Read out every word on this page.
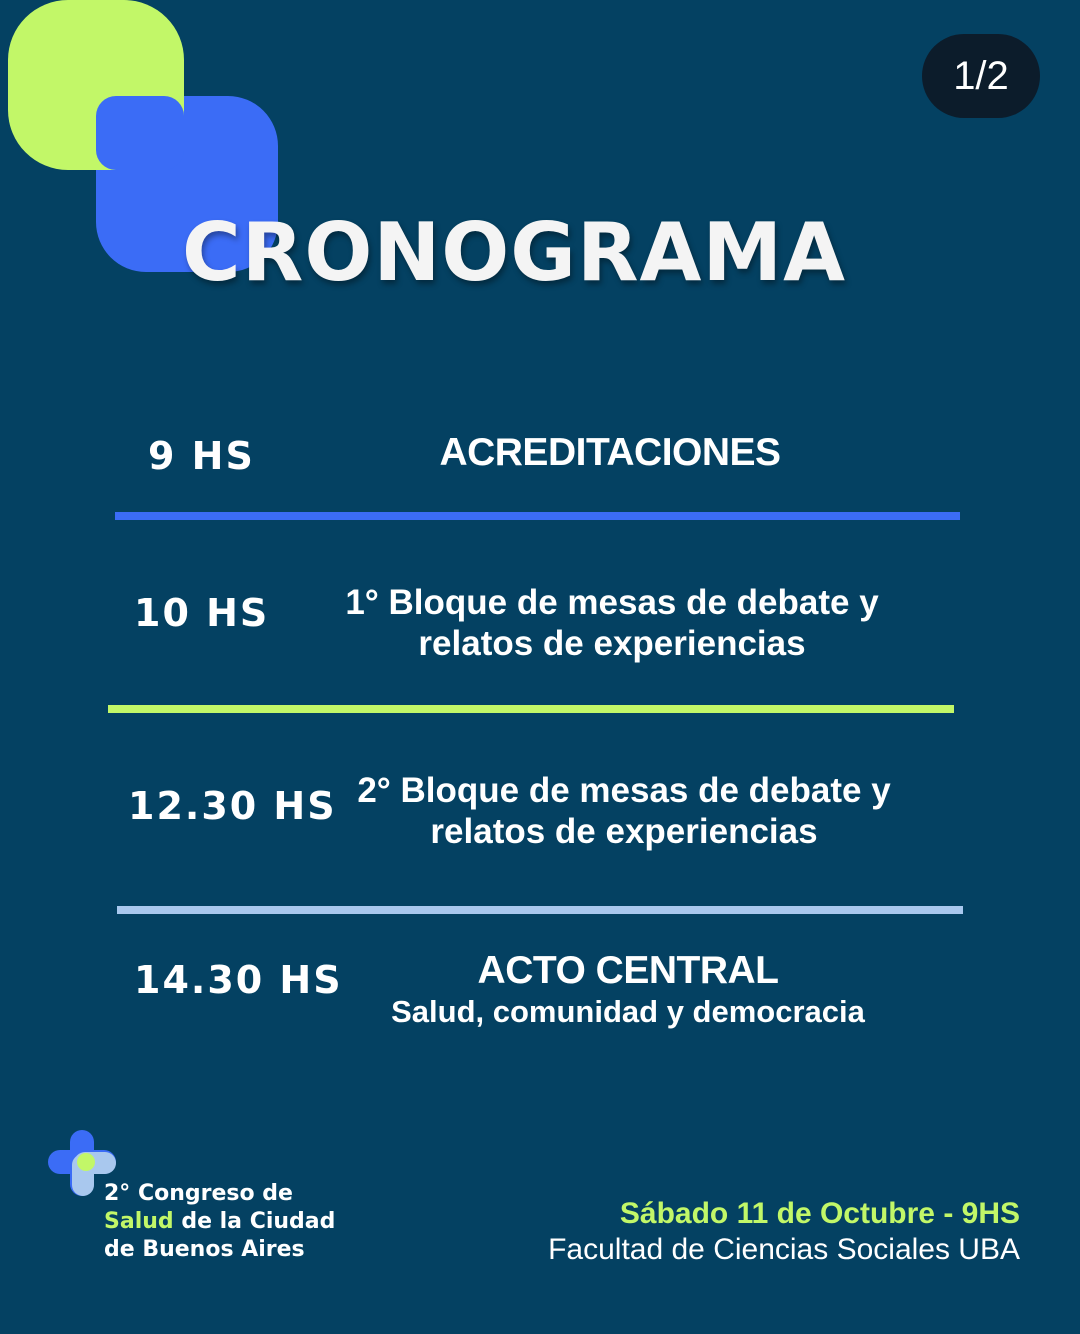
1/2
CRONOGRAMA
9 HS	ACREDITACIONES
10 HS	1° Bloque de mesas de debate y
relatos de experiencias
12.30 HS 2° Bloque de mesas de debate y
relatos de experiencias
14.30 HS	ACTO CENTRAL
Salud, comunidad y democracia
2° Congreso de
Salud de la Ciudad
de Buenos Aires
Sábado 11 de Octubre - 9HS
Facultad de Ciencias Sociales UBA
